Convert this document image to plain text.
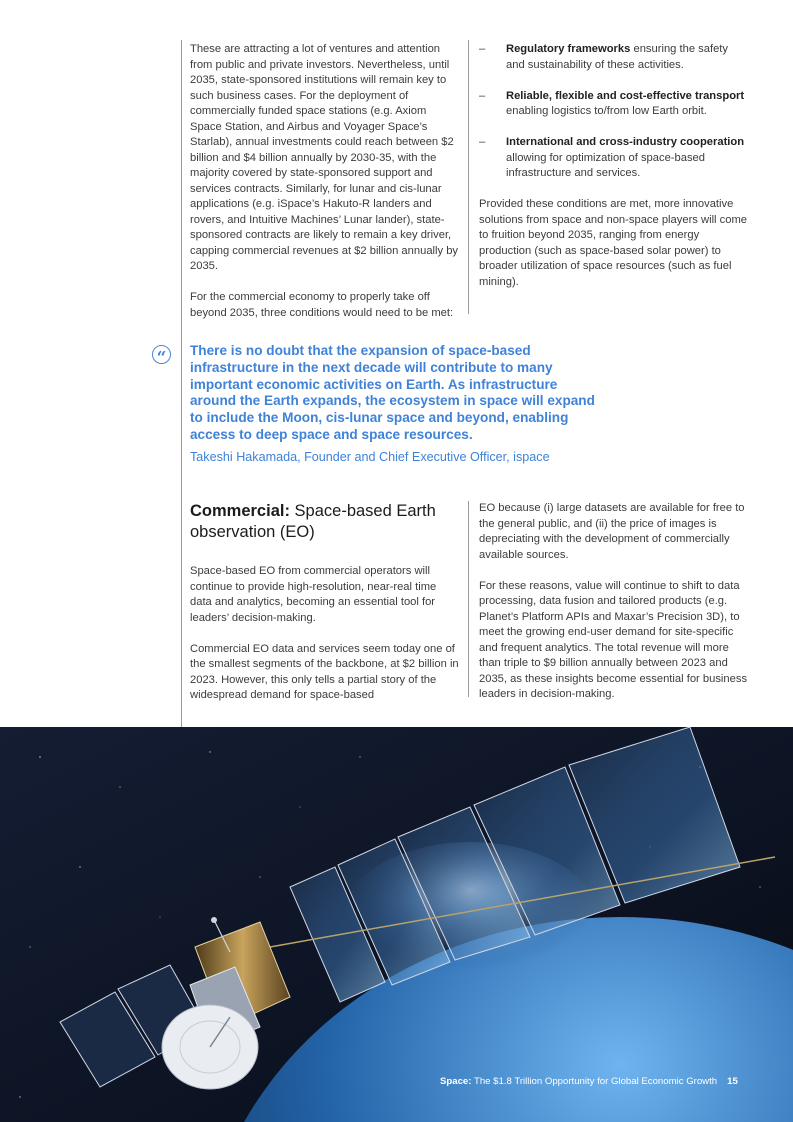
These are attracting a lot of ventures and attention from public and private investors. Nevertheless, until 2035, state-sponsored institutions will remain key to such business cases. For the deployment of commercially funded space stations (e.g. Axiom Space Station, and Airbus and Voyager Space’s Starlab), annual investments could reach between $2 billion and $4 billion annually by 2030-35, with the majority covered by state-sponsored support and services contracts. Similarly, for lunar and cis-lunar applications (e.g. iSpace’s Hakuto-R landers and rovers, and Intuitive Machines’ Lunar lander), state-sponsored contracts are likely to remain a key driver, capping commercial revenues at $2 billion annually by 2035.

For the commercial economy to properly take off beyond 2035, three conditions would need to be met:

– Regulatory frameworks ensuring the safety and sustainability of these activities.
– Reliable, flexible and cost-effective transport enabling logistics to/from low Earth orbit.
– International and cross-industry cooperation allowing for optimization of space-based infrastructure and services.

Provided these conditions are met, more innovative solutions from space and non-space players will come to fruition beyond 2035, ranging from energy production (such as space-based solar power) to broader utilization of space resources (such as fuel mining).

“	There is no doubt that the expansion of space-based infrastructure in the next decade will contribute to many important economic activities on Earth. As infrastructure around the Earth expands, the ecosystem in space will expand to include the Moon, cis-lunar space and beyond, enabling access to deep space and space resources.
Takeshi Hakamada, Founder and Chief Executive Officer, ispace
Commercial: Space-based Earth observation (EO)

Space-based EO from commercial operators will continue to provide high-resolution, near-real time data and analytics, becoming an essential tool for leaders’ decision-making.

Commercial EO data and services seem today one of the smallest segments of the backbone, at $2 billion in 2023. However, this only tells a partial story of the widespread demand for space-based

EO because (i) large datasets are available for free to the general public, and (ii) the price of images is depreciating with the development of commercially available sources.

For these reasons, value will continue to shift to data processing, data fusion and tailored products (e.g. Planet’s Platform APIs and Maxar’s Precision 3D), to meet the growing end-user demand for site-specific and frequent analytics. The total revenue will more than triple to $9 billion annually between 2023 and 2035, as these insights become essential for business leaders in decision-making.

Space: The $1.8 Trillion Opportunity for Global Economic Growth 15
